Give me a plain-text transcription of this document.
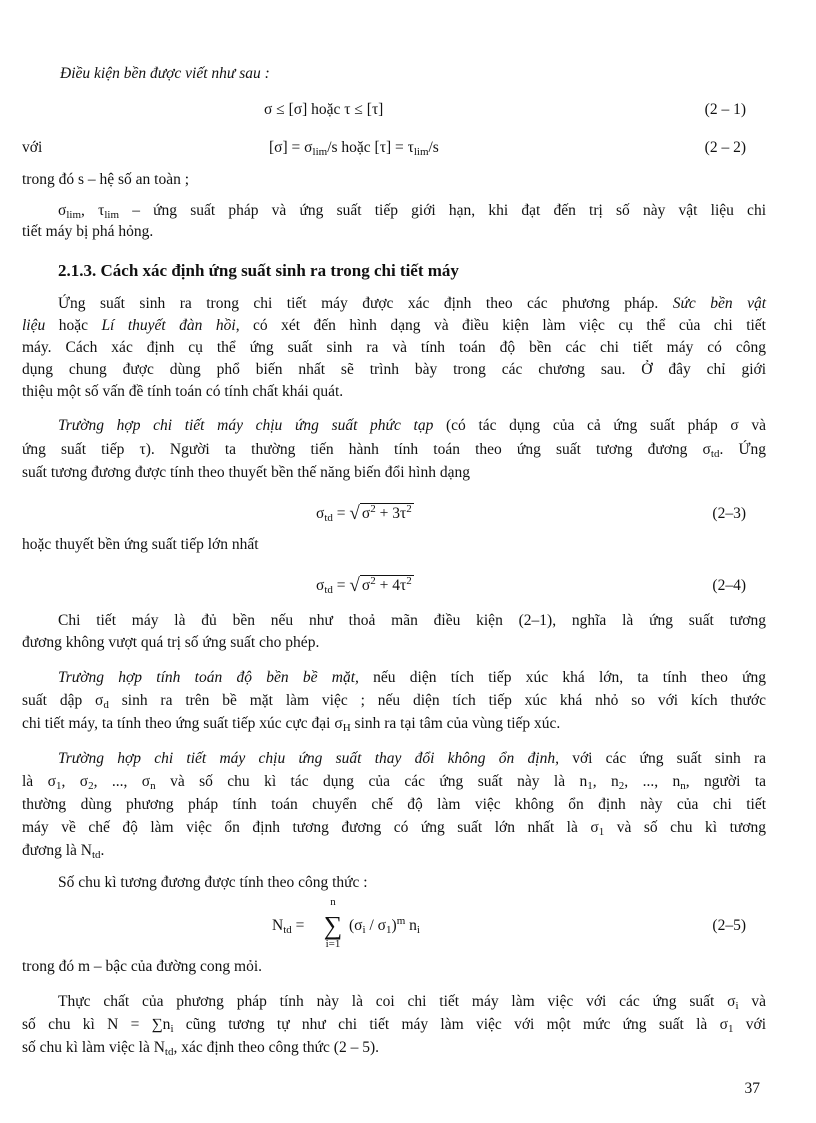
Điều kiện bền được viết như sau :
σ ≤ [σ] hoặc τ ≤ [τ]	(2 – 1)
với	$[\sigma] = \sigma_{lim}/s$ hoặc $[\tau] = \tau_{lim}/s$	(2 – 2)
trong đó s – hệ số an toàn ;
$\sigma_{lim}$, $\tau_{lim}$ – ứng suất pháp và ứng suất tiếp giới hạn, khi đạt đến trị số này vật liệu chi
tiết máy bị phá hỏng.
2.1.3. Cách xác định ứng suất sinh ra trong chi tiết máy
Ứng suất sinh ra trong chi tiết máy được xác định theo các phương pháp. Sức bền vật
liệu hoặc Lí thuyết đàn hồi, có xét đến hình dạng và điều kiện làm việc cụ thể của chi tiết
máy. Cách xác định cụ thể ứng suất sinh ra và tính toán độ bền các chi tiết máy có công
dụng chung được dùng phổ biến nhất sẽ trình bày trong các chương sau. Ở đây chỉ giới
thiệu một số vấn đề tính toán có tính chất khái quát.
Trường hợp chi tiết máy chịu ứng suất phức tạp (có tác dụng của cả ứng suất pháp σ và
ứng suất tiếp τ). Người ta thường tiến hành tính toán theo ứng suất tương đương $\sigma_{td}$. Ứng
suất tương đương được tính theo thuyết bền thế năng biến đổi hình dạng
$\sigma_{td}$ = √ $\sigma^2 + 3\tau^2$	(2–3)
hoặc thuyết bền ứng suất tiếp lớn nhất
$\sigma_{td}$ = √ $\sigma^2 + 4\tau^2$	(2–4)
Chi tiết máy là đủ bền nếu như thoả mãn điều kiện (2–1), nghĩa là ứng suất tương
đương không vượt quá trị số ứng suất cho phép.
Trường hợp tính toán độ bền bề mặt, nếu diện tích tiếp xúc khá lớn, ta tính theo ứng
suất dập $\sigma_d$ sinh ra trên bề mặt làm việc ; nếu diện tích tiếp xúc khá nhỏ so với kích thước
chi tiết máy, ta tính theo ứng suất tiếp xúc cực đại $\sigma_H$ sinh ra tại tâm của vùng tiếp xúc.
Trường hợp chi tiết máy chịu ứng suất thay đổi không ổn định, với các ứng suất sinh ra
là $\sigma_1$, $\sigma_2$, ..., $\sigma_n$ và số chu kì tác dụng của các ứng suất này là $n_1$, $n_2$, ..., $n_n$, người ta
thường dùng phương pháp tính toán chuyển chế độ làm việc không ổn định này của chi tiết
máy về chế độ làm việc ổn định tương đương có ứng suất lớn nhất là $\sigma_1$ và số chu kì tương
đương là $N_{td}$.
Số chu kì tương đương được tính theo công thức :
$N_{td}$ =
n
∑
i=1
$(\sigma_i / \sigma_1)^m$ $n_i$	(2–5)
trong đó m – bậc của đường cong mỏi.
Thực chất của phương pháp tính này là coi chi tiết máy làm việc với các ứng suất $\sigma_i$ và
số chu kì $N = \sum n_i$ cũng tương tự như chi tiết máy làm việc với một mức ứng suất là $\sigma_1$ với
số chu kì làm việc là $N_{td}$, xác định theo công thức (2 – 5).
37
